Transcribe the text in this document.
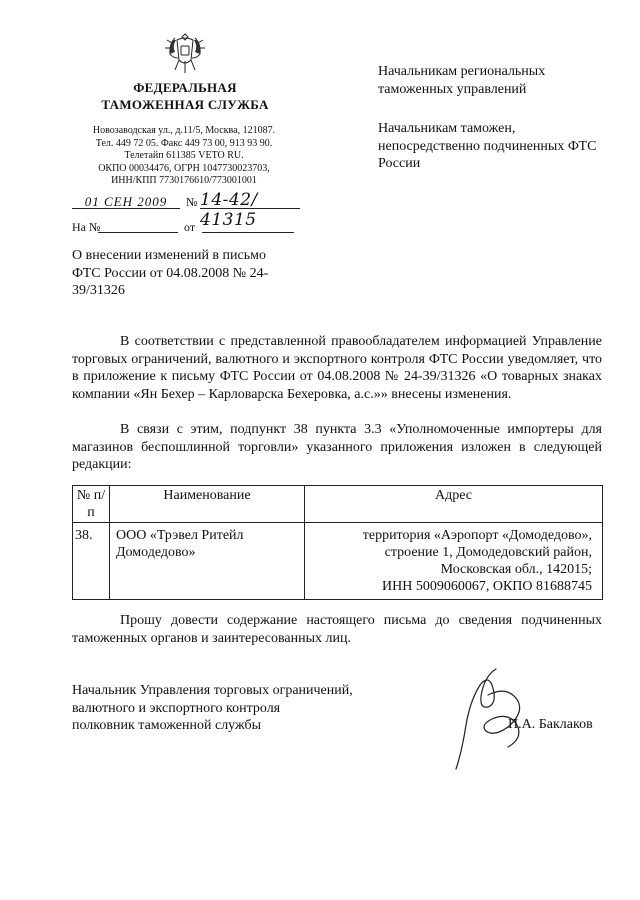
ФЕДЕРАЛЬНАЯ
ТАМОЖЕННАЯ СЛУЖБА
Новозаводская ул., д.11/5, Москва, 121087.
Тел. 449 72 05. Факс 449 73 00, 913 93 90.
Телетайп 611385 VETO RU.
ОКПО 00034476, ОГРН 1047730023703,
ИНН/КПП 7730176610/773001001
01 СЕН 2009	№ 14-42/ 41315
На №	от
Начальникам региональных таможенных управлений
Начальникам таможен, непосредственно подчиненных ФТС России
О внесении изменений в письмо ФТС России от 04.08.2008 № 24-39/31326
В соответствии с представленной правообладателем информацией Управление торговых ограничений, валютного и экспортного контроля ФТС России уведомляет, что в приложение к письму ФТС России от 04.08.2008 № 24-39/31326 «О товарных знаках компании «Ян Бехер – Карловарска Бехеровка, а.с.»» внесены изменения.
В связи с этим, подпункт 38 пункта 3.3 «Уполномоченные импортеры для магазинов беспошлинной торговли» указанного приложения изложен в следующей редакции:
№ п/п	Наименование	Адрес
38.	ООО «Трэвел Ритейл Домодедово»	территория «Аэропорт «Домодедово»,
строение 1, Домодедовский район,
Московская обл., 142015;
ИНН 5009060067, ОКПО 81688745
Прошу довести содержание настоящего письма до сведения подчиненных таможенных органов и заинтересованных лиц.
Начальник Управления торговых ограничений,
валютного и экспортного контроля
полковник таможенной службы	П.А. Баклаков
